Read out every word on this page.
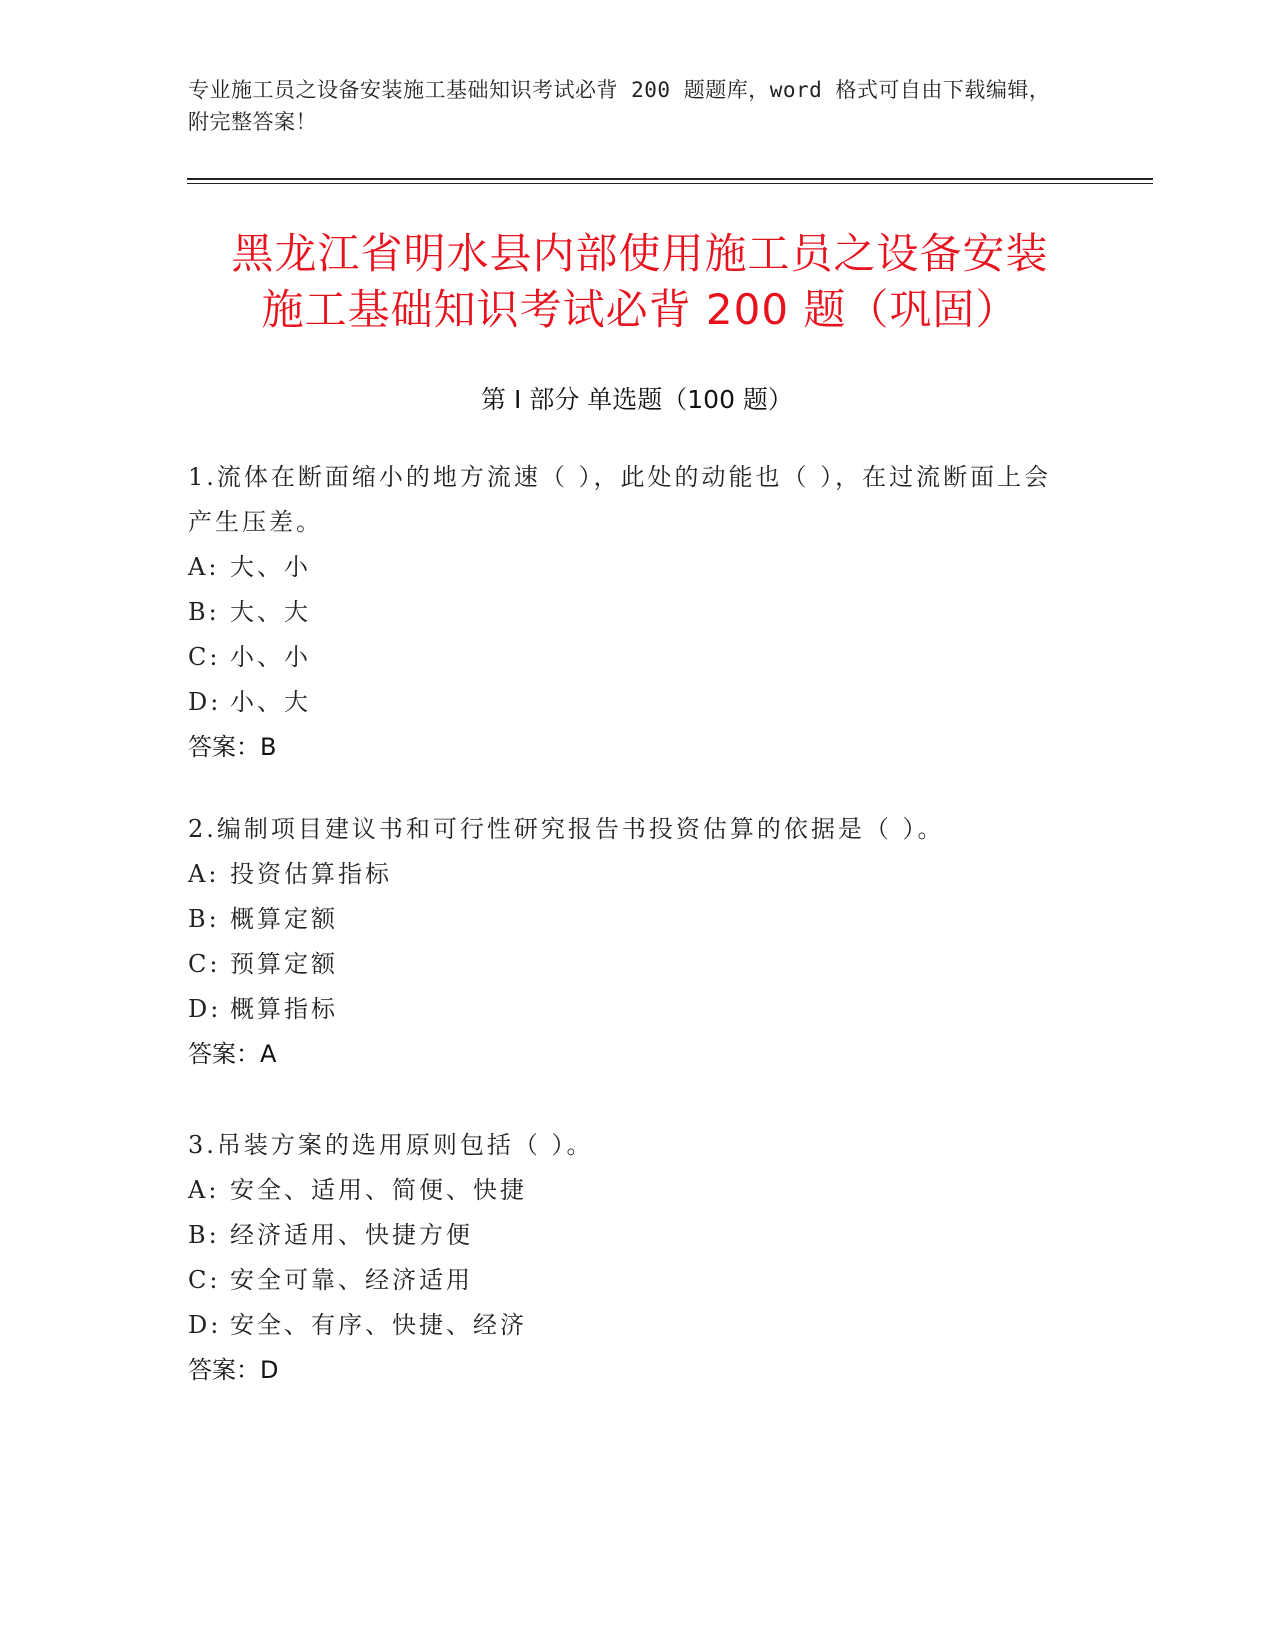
专业施工员之设备安装施工基础知识考试必背 200 题题库，word 格式可自由下载编辑，附完整答案！
黑龙江省明水县内部使用施工员之设备安装
施工基础知识考试必背 200 题（巩固）
第 I 部分 单选题（100 题）
1.流体在断面缩小的地方流速（ ），此处的动能也（ ），在过流断面上会产生压差。
A: 大、小
B: 大、大
C: 小、小
D: 小、大
答案：B
2.编制项目建议书和可行性研究报告书投资估算的依据是（ ）。
A: 投资估算指标
B: 概算定额
C: 预算定额
D: 概算指标
答案：A
3.吊装方案的选用原则包括（ ）。
A: 安全、适用、简便、快捷
B: 经济适用、快捷方便
C: 安全可靠、经济适用
D: 安全、有序、快捷、经济
答案：D
